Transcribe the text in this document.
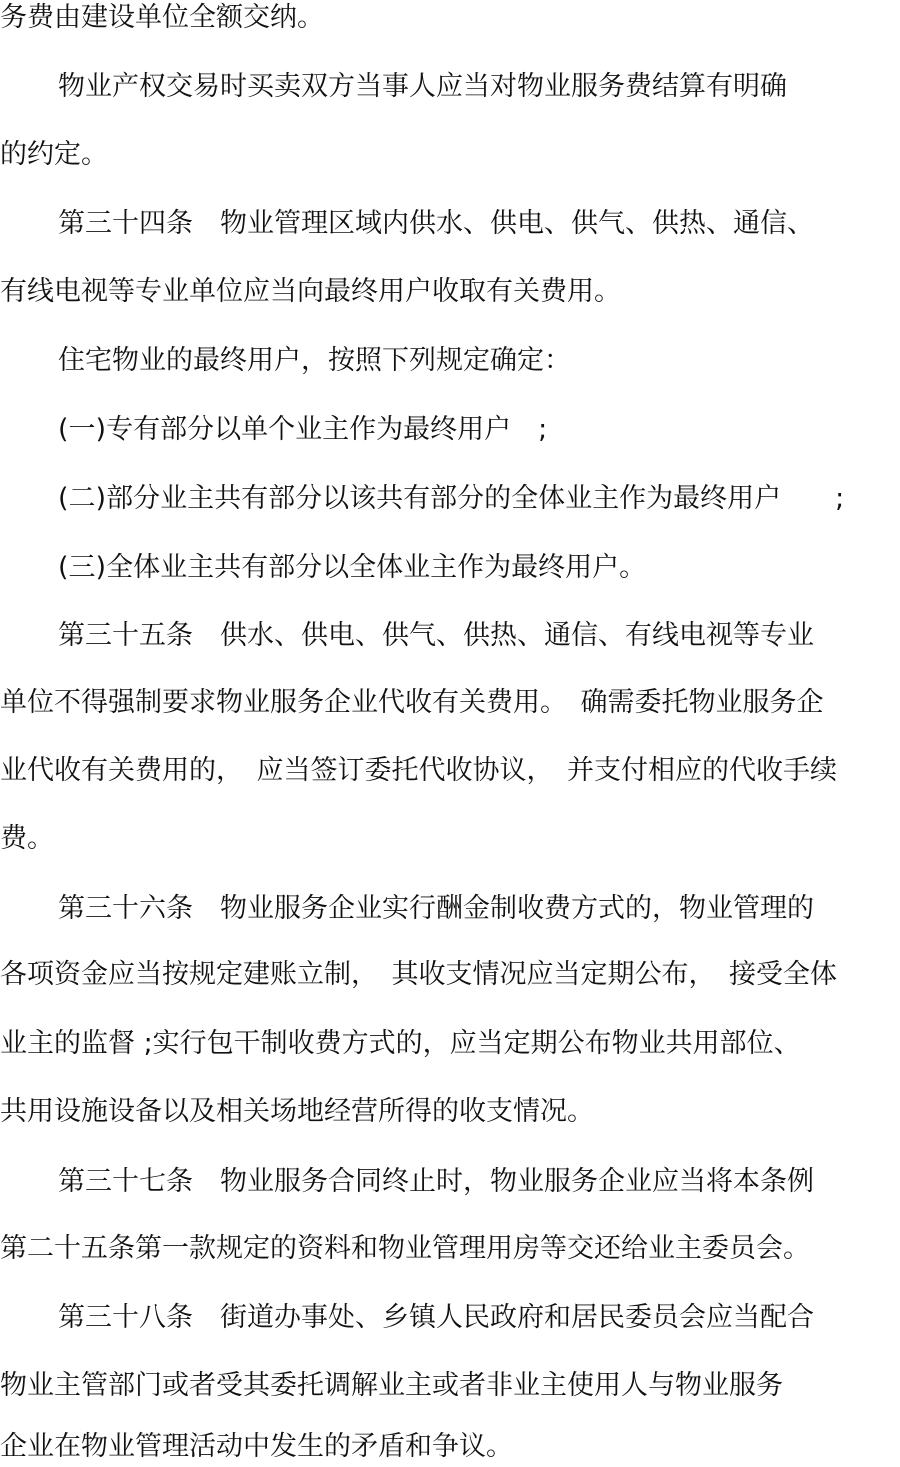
务费由建设单位全额交纳。
物业产权交易时买卖双方当事人应当对物业服务费结算有明确
的约定。
第三十四条　物业管理区域内供水、供电、供气、供热、通信、
有线电视等专业单位应当向最终用户收取有关费用。
住宅物业的最终用户，按照下列规定确定：
(一)专有部分以单个业主作为最终用户　;
(二)部分业主共有部分以该共有部分的全体业主作为最终用户　　;
(三)全体业主共有部分以全体业主作为最终用户。
第三十五条　供水、供电、供气、供热、通信、有线电视等专业
单位不得强制要求物业服务企业代收有关费用。　确需委托物业服务企
业代收有关费用的，　应当签订委托代收协议，　并支付相应的代收手续
费。
第三十六条　物业服务企业实行酬金制收费方式的，物业管理的
各项资金应当按规定建账立制，　其收支情况应当定期公布，　接受全体
业主的监督 ;实行包干制收费方式的，应当定期公布物业共用部位、
共用设施设备以及相关场地经营所得的收支情况。
第三十七条　物业服务合同终止时，物业服务企业应当将本条例
第二十五条第一款规定的资料和物业管理用房等交还给业主委员会。
第三十八条　街道办事处、乡镇人民政府和居民委员会应当配合
物业主管部门或者受其委托调解业主或者非业主使用人与物业服务
企业在物业管理活动中发生的矛盾和争议。
